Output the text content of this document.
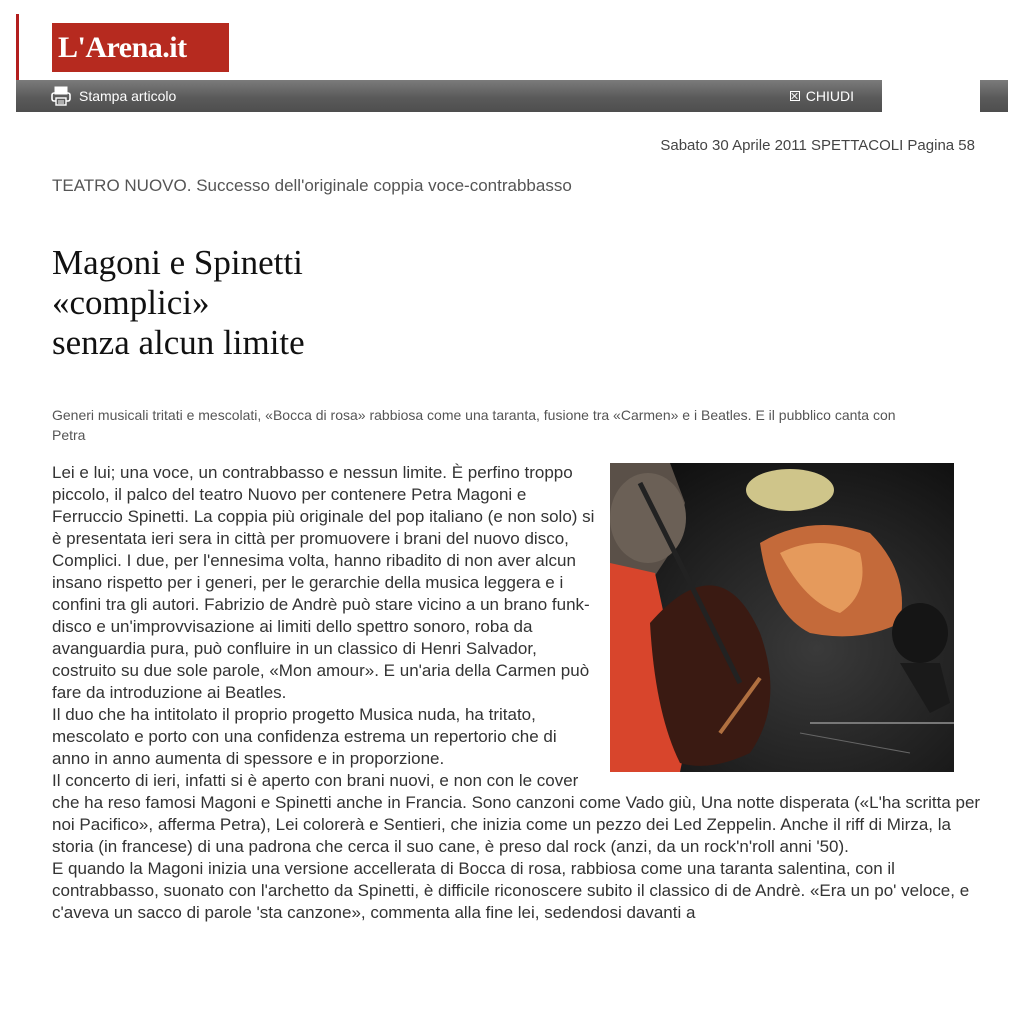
L'Arena.it
Stampa articolo	CHIUDI
Sabato 30 Aprile 2011 SPETTACOLI Pagina 58
TEATRO NUOVO. Successo dell'originale coppia voce-contrabbasso
Magoni e Spinetti
«complici»
senza alcun limite
Generi musicali tritati e mescolati, «Bocca di rosa» rabbiosa come una taranta, fusione tra «Carmen» e i Beatles. E il pubblico canta con Petra

Lei e lui; una voce, un contrabbasso e nessun limite. È perfino troppo piccolo, il palco del teatro Nuovo per contenere Petra Magoni e Ferruccio Spinetti. La coppia più originale del pop italiano (e non solo) si è presentata ieri sera in città per promuovere i brani del nuovo disco, Complici. I due, per l'ennesima volta, hanno ribadito di non aver alcun insano rispetto per i generi, per le gerarchie della musica leggera e i confini tra gli autori. Fabrizio de Andrè può stare vicino a un brano funk-disco e un'improvvisazione ai limiti dello spettro sonoro, roba da avanguardia pura, può confluire in un classico di Henri Salvador, costruito su due sole parole, «Mon amour». E un'aria della Carmen può fare da introduzione ai Beatles.

Il duo che ha intitolato il proprio progetto Musica nuda, ha tritato, mescolato e porto con una confidenza estrema un repertorio che di anno in anno aumenta di spessore e in proporzione.

Il concerto di ieri, infatti si è aperto con brani nuovi, e non con le cover che ha reso famosi Magoni e Spinetti anche in Francia. Sono canzoni come Vado giù, Una notte disperata («L'ha scritta per noi Pacifico», afferma Petra), Lei colorerà e Sentieri, che inizia come un pezzo dei Led Zeppelin. Anche il riff di Mirza, la storia (in francese) di una padrona che cerca il suo cane, è preso dal rock (anzi, da un rock'n'roll anni '50).

E quando la Magoni inizia una versione accellerata di Bocca di rosa, rabbiosa come una taranta salentina, con il contrabbasso, suonato con l'archetto da Spinetti, è difficile riconoscere subito il classico di de Andrè. «Era un po' veloce, e c'aveva un sacco di parole 'sta canzone», commenta alla fine lei, sedendosi davanti a
